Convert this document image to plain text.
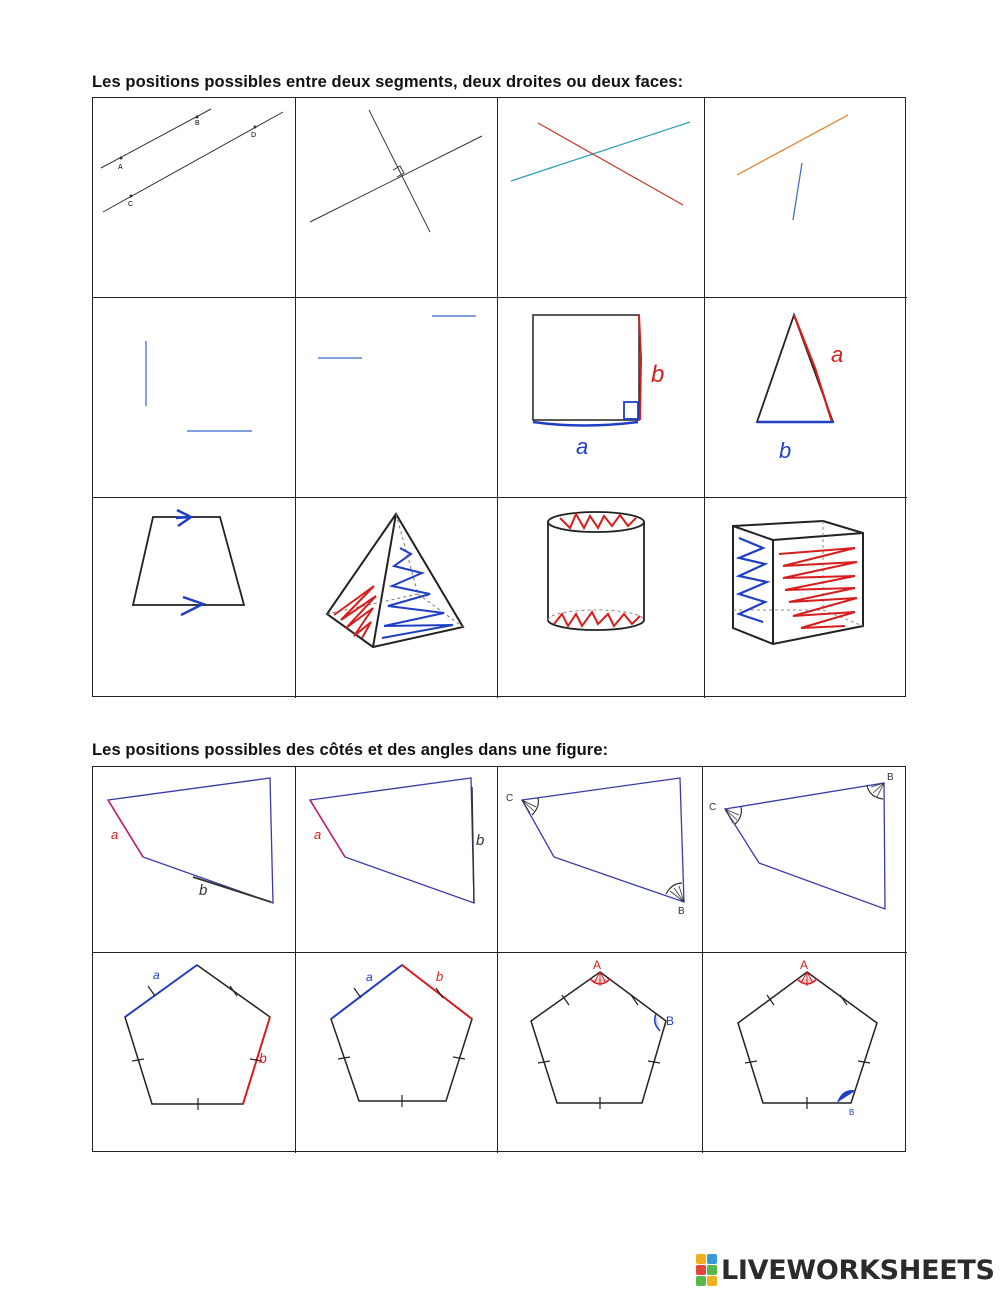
Les positions possibles entre deux segments, deux droites ou deux faces:
A
B
C
D
b
a
a
b
Les positions possibles des côtés et des angles dans une figure:
a
b
a	b
C
B
C
B
a
b
a	b
A
B
A
B
LIVEWORKSHEETS
